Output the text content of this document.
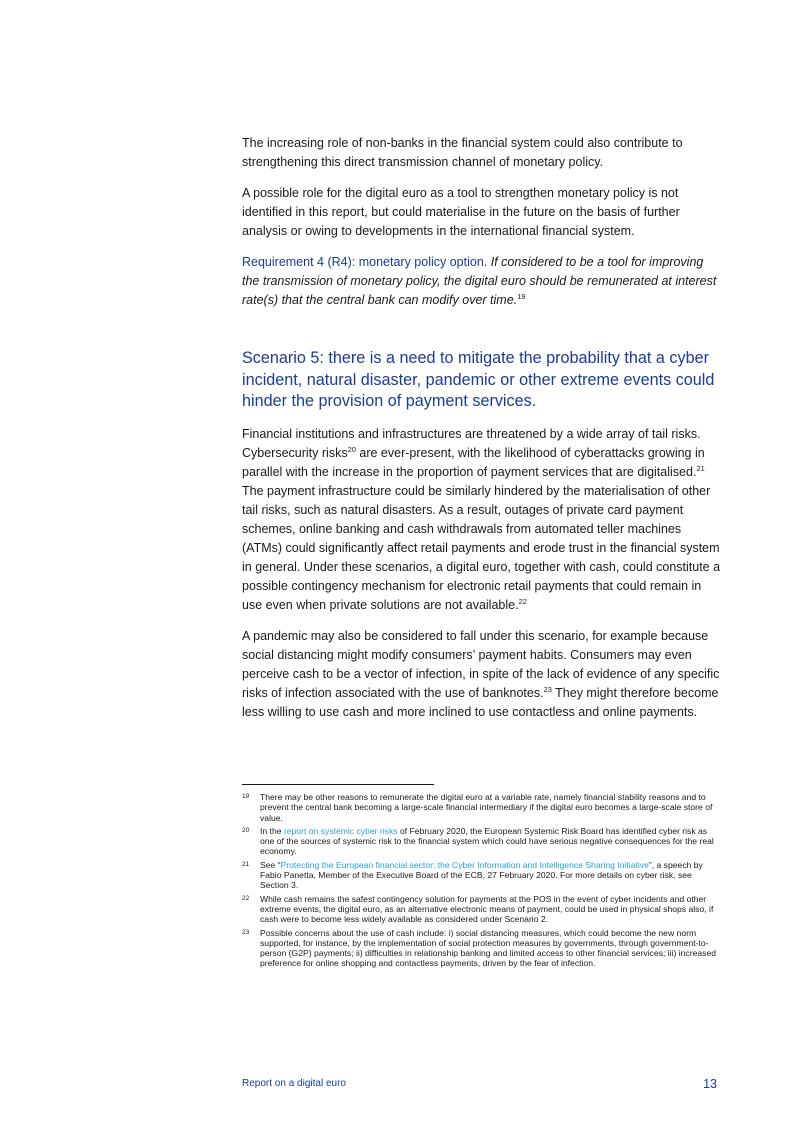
The increasing role of non-banks in the financial system could also contribute to strengthening this direct transmission channel of monetary policy.

A possible role for the digital euro as a tool to strengthen monetary policy is not identified in this report, but could materialise in the future on the basis of further analysis or owing to developments in the international financial system.

Requirement 4 (R4): monetary policy option. If considered to be a tool for improving the transmission of monetary policy, the digital euro should be remunerated at interest rate(s) that the central bank can modify over time.$^{19}$

Scenario 5: there is a need to mitigate the probability that a cyber incident, natural disaster, pandemic or other extreme events could hinder the provision of payment services.

Financial institutions and infrastructures are threatened by a wide array of tail risks. Cybersecurity risks$^{20}$ are ever-present, with the likelihood of cyberattacks growing in parallel with the increase in the proportion of payment services that are digitalised.$^{21}$ The payment infrastructure could be similarly hindered by the materialisation of other tail risks, such as natural disasters. As a result, outages of private card payment schemes, online banking and cash withdrawals from automated teller machines (ATMs) could significantly affect retail payments and erode trust in the financial system in general. Under these scenarios, a digital euro, together with cash, could constitute a possible contingency mechanism for electronic retail payments that could remain in use even when private solutions are not available.$^{22}$

A pandemic may also be considered to fall under this scenario, for example because social distancing might modify consumers’ payment habits. Consumers may even perceive cash to be a vector of infection, in spite of the lack of evidence of any specific risks of infection associated with the use of banknotes.$^{23}$ They might therefore become less willing to use cash and more inclined to use contactless and online payments.

19	There may be other reasons to remunerate the digital euro at a variable rate, namely financial stability reasons and to prevent the central bank becoming a large-scale financial intermediary if the digital euro becomes a large-scale store of value.
20	In the report on systemic cyber risks of February 2020, the European Systemic Risk Board has identified cyber risk as one of the sources of systemic risk to the financial system which could have serious negative consequences for the real economy.
21	See “Protecting the European financial sector: the Cyber Information and Intelligence Sharing Initiative”, a speech by Fabio Panetta, Member of the Executive Board of the ECB, 27 February 2020. For more details on cyber risk, see Section 3.
22	While cash remains the safest contingency solution for payments at the POS in the event of cyber incidents and other extreme events, the digital euro, as an alternative electronic means of payment, could be used in physical shops also, if cash were to become less widely available as considered under Scenario 2.
23	Possible concerns about the use of cash include: i) social distancing measures, which could become the new norm supported, for instance, by the implementation of social protection measures by governments, through government-to-person (G2P) payments; ii) difficulties in relationship banking and limited access to other financial services; iii) increased preference for online shopping and contactless payments, driven by the fear of infection.
Report on a digital euro	13
